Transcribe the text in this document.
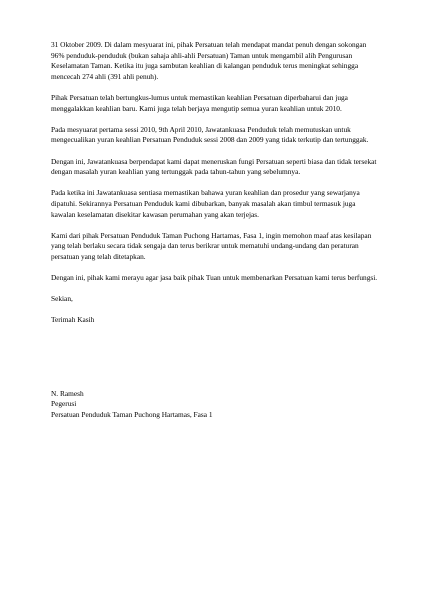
31 Oktober 2009. Di dalam mesyuarat ini, pihak Persatuan telah mendapat mandat penuh dengan sokongan 96% penduduk-penduduk (bukan sahaja ahli-ahli Persatuan) Taman untuk mengambil alih Pengurusan Keselamatan Taman. Ketika itu juga sambutan keahlian di kalangan penduduk terus meningkat sehingga mencecah 274 ahli (391 ahli penuh).

Pihak Persatuan telah bertungkus-lumus untuk memastikan keahlian Persatuan diperbaharui dan juga menggalakkan keahlian baru. Kami juga telah berjaya mengutip semua yuran keahlian untuk 2010.

Pada mesyuarat pertama sessi 2010, 9th April 2010, Jawatankuasa Penduduk telah memutuskan untuk mengecualikan yuran keahlian Persatuan Penduduk sessi 2008 dan 2009 yang tidak terkutip dan tertunggak.

Dengan ini, Jawatankuasa berpendapat kami dapat meneruskan fungi Persatuan seperti biasa dan tidak tersekat dengan masalah yuran keahlian yang tertunggak pada tahun-tahun yang sebelumnya.

Pada ketika ini Jawatankuasa sentiasa memastikan bahawa yuran keahlian dan prosedur yang sewarjanya dipatuhi. Sekirannya Persatuan Penduduk kami dibubarkan, banyak masalah akan timbul termasuk juga kawalan keselamatan disekitar kawasan perumahan yang akan terjejas.

Kami dari pihak Persatuan Penduduk Taman Puchong Hartamas, Fasa 1, ingin memohon maaf atas kesilapan yang telah berlaku secara tidak sengaja dan terus berikrar untuk mematuhi undang-undang dan peraturan persatuan yang telah ditetapkan.

Dengan ini, pihak kami merayu agar jasa baik pihak Tuan untuk membenarkan Persatuan kami terus berfungsi.

Sekian,

Terimah Kasih

N. Ramesh
Pegerusi
Persatuan Penduduk Taman Puchong Hartamas, Fasa 1
